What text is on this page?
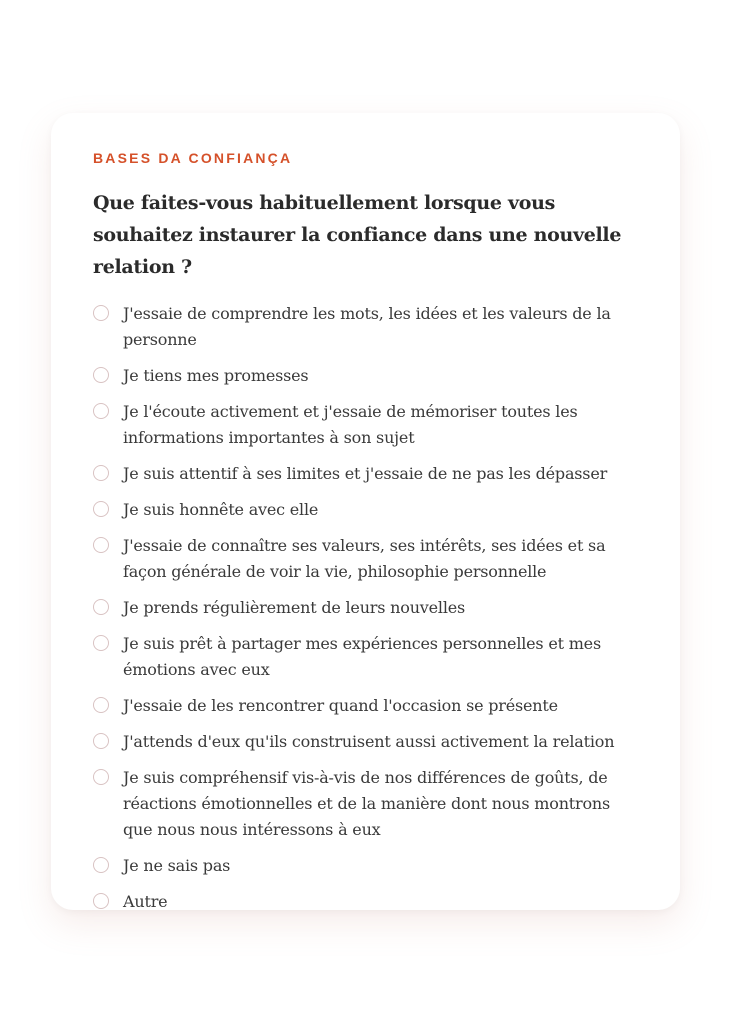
BASES DA CONFIANÇA
Que faites-vous habituellement lorsque vous souhaitez instaurer la confiance dans une nouvelle relation ?
J'essaie de comprendre les mots, les idées et les valeurs de la personne
Je tiens mes promesses
Je l'écoute activement et j'essaie de mémoriser toutes les informations importantes à son sujet
Je suis attentif à ses limites et j'essaie de ne pas les dépasser
Je suis honnête avec elle
J'essaie de connaître ses valeurs, ses intérêts, ses idées et sa façon générale de voir la vie, philosophie personnelle
Je prends régulièrement de leurs nouvelles
Je suis prêt à partager mes expériences personnelles et mes émotions avec eux
J'essaie de les rencontrer quand l'occasion se présente
J'attends d'eux qu'ils construisent aussi activement la relation
Je suis compréhensif vis-à-vis de nos différences de goûts, de réactions émotionnelles et de la manière dont nous montrons que nous nous intéressons à eux
Je ne sais pas
Autre
